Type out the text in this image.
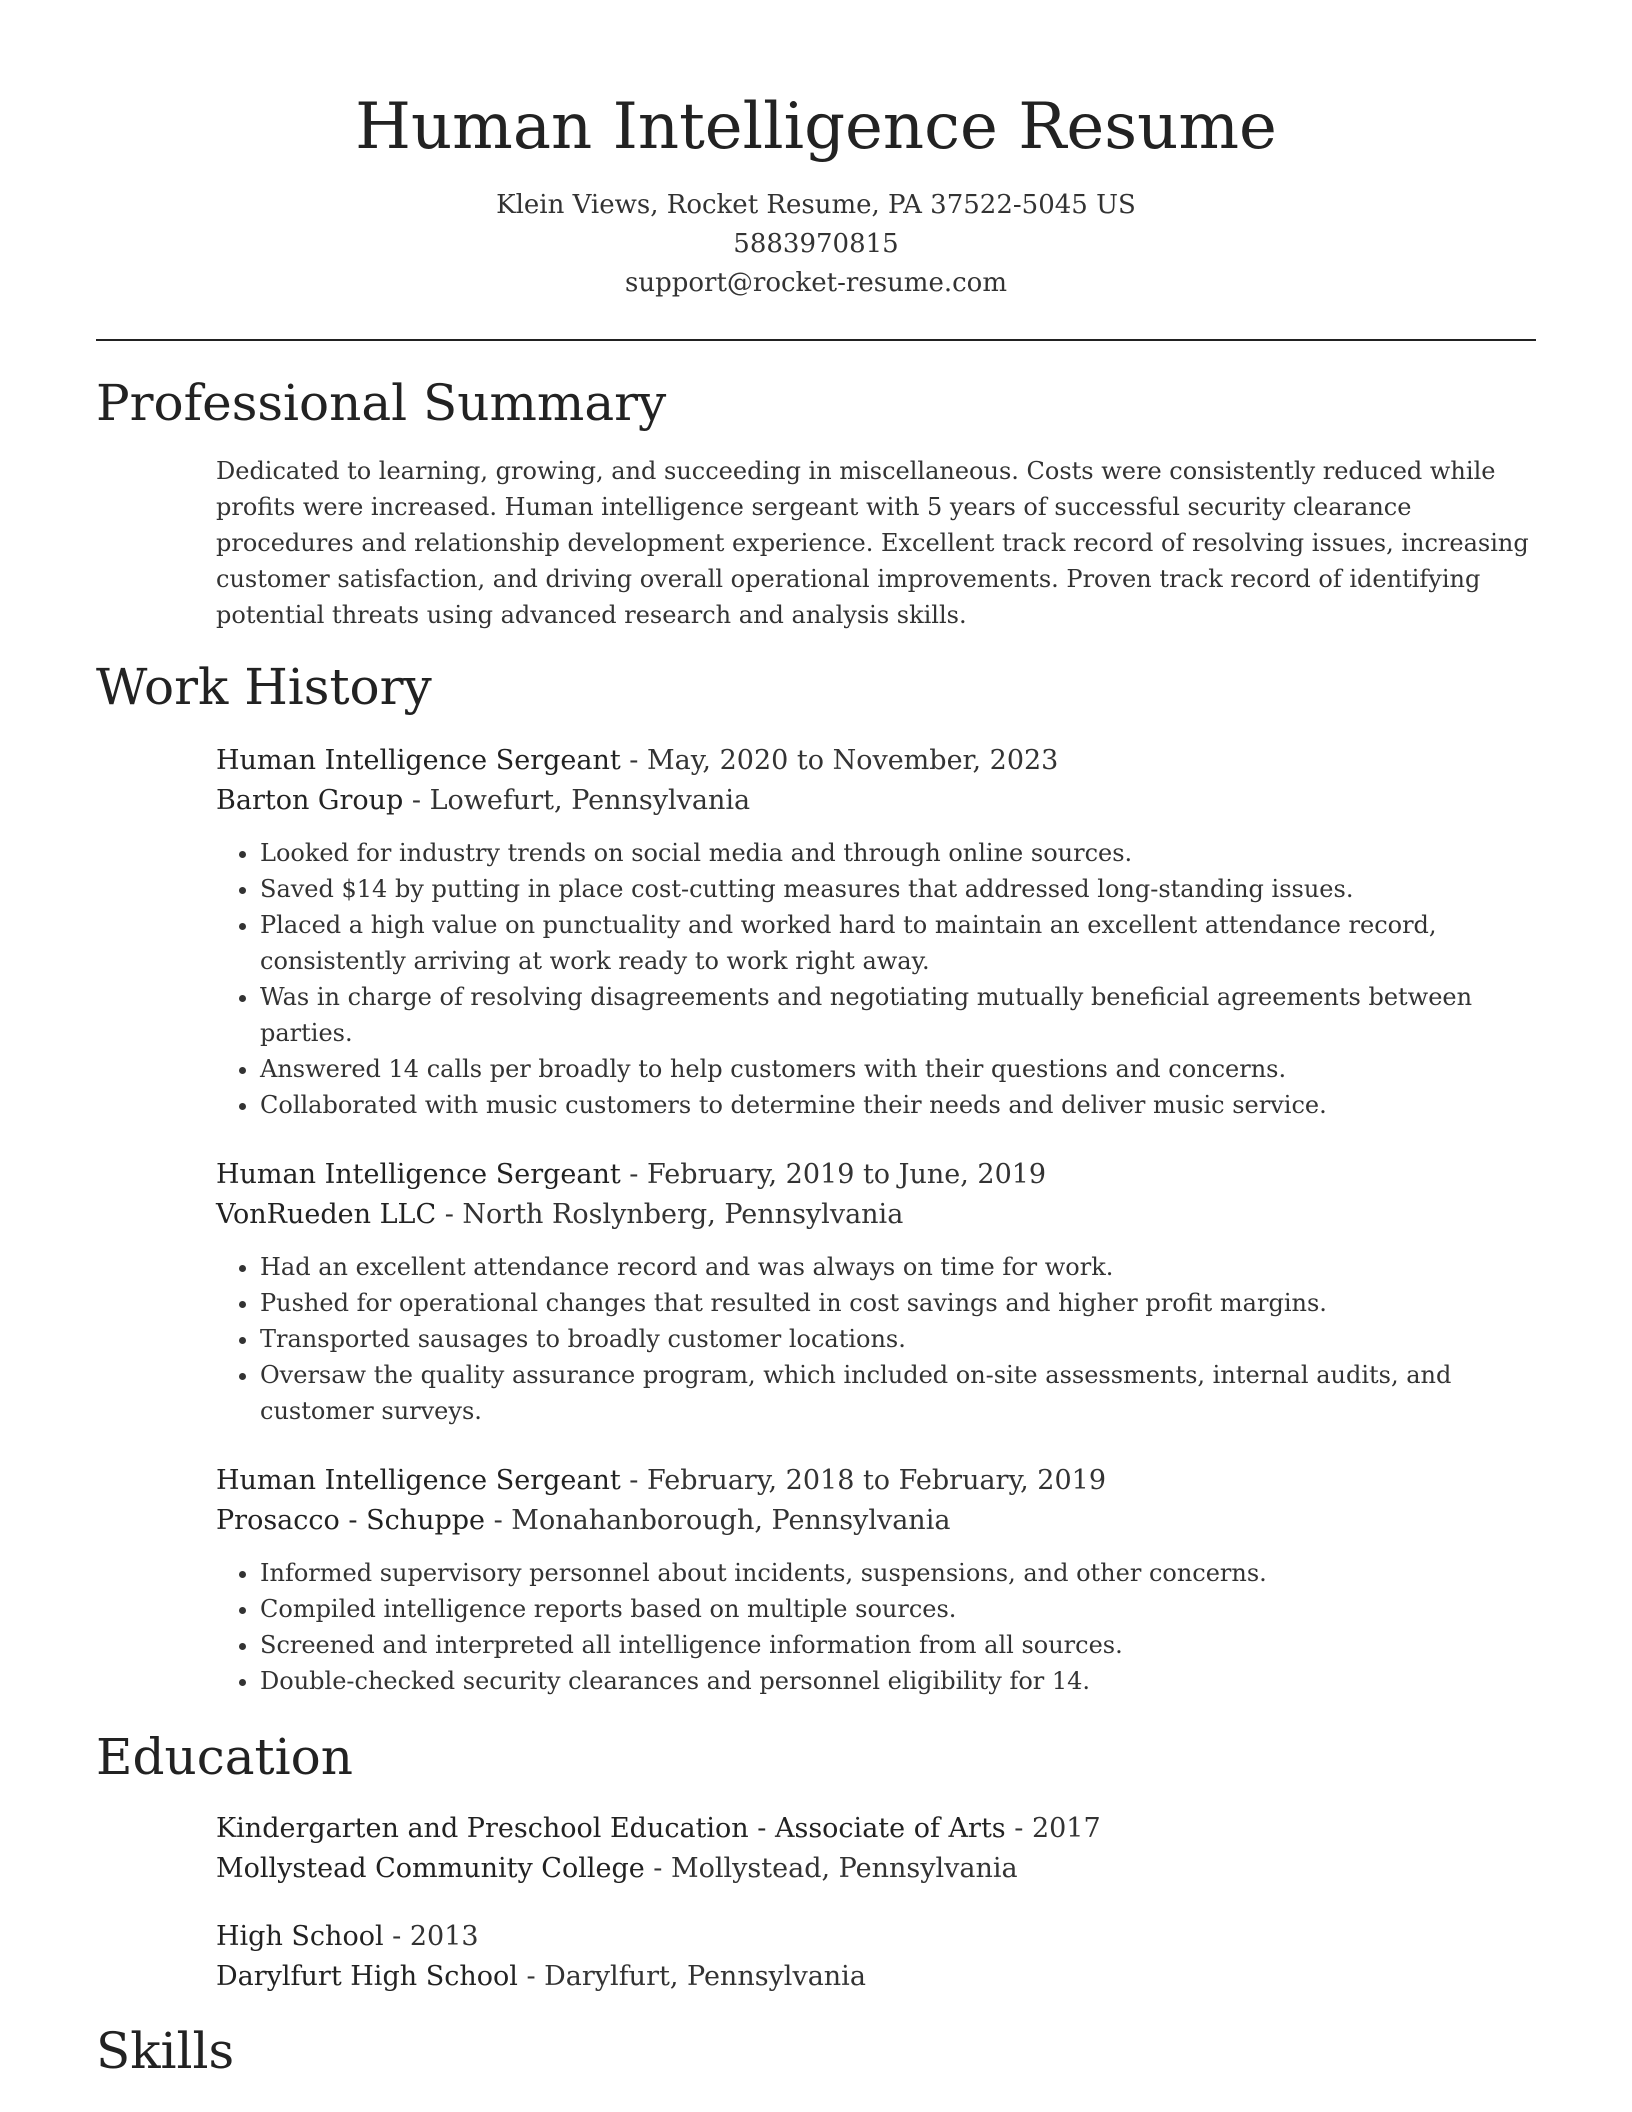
Human Intelligence Resume
Klein Views, Rocket Resume, PA 37522-5045 US
5883970815
support@rocket-resume.com
Professional Summary
Dedicated to learning, growing, and succeeding in miscellaneous. Costs were consistently reduced while profits were increased. Human intelligence sergeant with 5 years of successful security clearance procedures and relationship development experience. Excellent track record of resolving issues, increasing customer satisfaction, and driving overall operational improvements. Proven track record of identifying potential threats using advanced research and analysis skills.
Work History
Human Intelligence Sergeant - May, 2020 to November, 2023
Barton Group - Lowefurt, Pennsylvania
• Looked for industry trends on social media and through online sources.
• Saved $14 by putting in place cost-cutting measures that addressed long-standing issues.
• Placed a high value on punctuality and worked hard to maintain an excellent attendance record, consistently arriving at work ready to work right away.
• Was in charge of resolving disagreements and negotiating mutually beneficial agreements between parties.
• Answered 14 calls per broadly to help customers with their questions and concerns.
• Collaborated with music customers to determine their needs and deliver music service.
Human Intelligence Sergeant - February, 2019 to June, 2019
VonRueden LLC - North Roslynberg, Pennsylvania
• Had an excellent attendance record and was always on time for work.
• Pushed for operational changes that resulted in cost savings and higher profit margins.
• Transported sausages to broadly customer locations.
• Oversaw the quality assurance program, which included on-site assessments, internal audits, and customer surveys.
Human Intelligence Sergeant - February, 2018 to February, 2019
Prosacco - Schuppe - Monahanborough, Pennsylvania
• Informed supervisory personnel about incidents, suspensions, and other concerns.
• Compiled intelligence reports based on multiple sources.
• Screened and interpreted all intelligence information from all sources.
• Double-checked security clearances and personnel eligibility for 14.
Education
Kindergarten and Preschool Education - Associate of Arts - 2017
Mollystead Community College - Mollystead, Pennsylvania
High School - 2013
Darylfurt High School - Darylfurt, Pennsylvania
Skills
